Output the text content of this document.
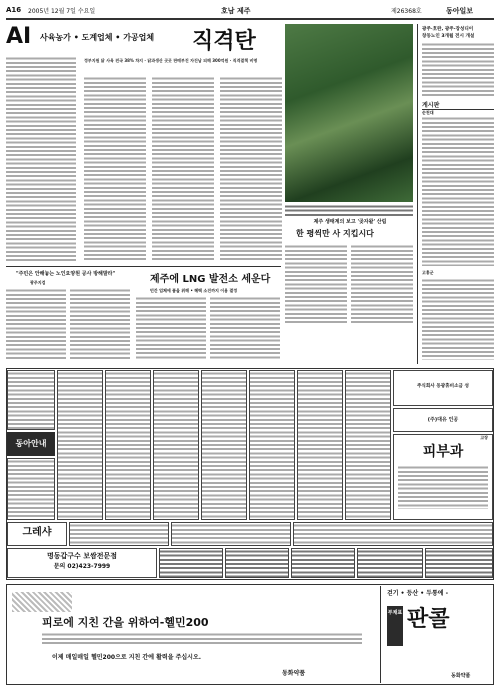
A16 2005년 12월 7일 수요일	호남 제주	제26368호	동아일보
AI 사육농가 • 도계업체 • 가공업체 직격탄
정부지원 닭 사육 전국 38% 차지 · 닭과생산 곳곳 판매부진 자진납 피해 300억원 · 직격결책 비명
제주 생태계의 보고 '곶자왈' 산림
한 평씩만 사 지킵시다
광주·호완, 광주·장성디이
창동노인 3개월 전시 개설
게시판
순천대
고흥군
"주민은 안해놓는 노인요양원 공사 방해말라"
광주지검	제주에 LNG 발전소 세운다
민간 업체에 품을 위해 • 혜택 소진까지 이용 결정
동아안내
주식회사 동광휴비소금 성
(주)대유 인공
고장
피부과
그레샤
명동갑구수 보쌈전문점
문의 02)423-7999
피로에 지친 간을 위하여-헬민200
이제 매일매일 헬민200으로 지친 간에 활력을 주십시오.
동화약품
걷기 • 등산 • 두통에 -
부채표 판콜
동화약품
